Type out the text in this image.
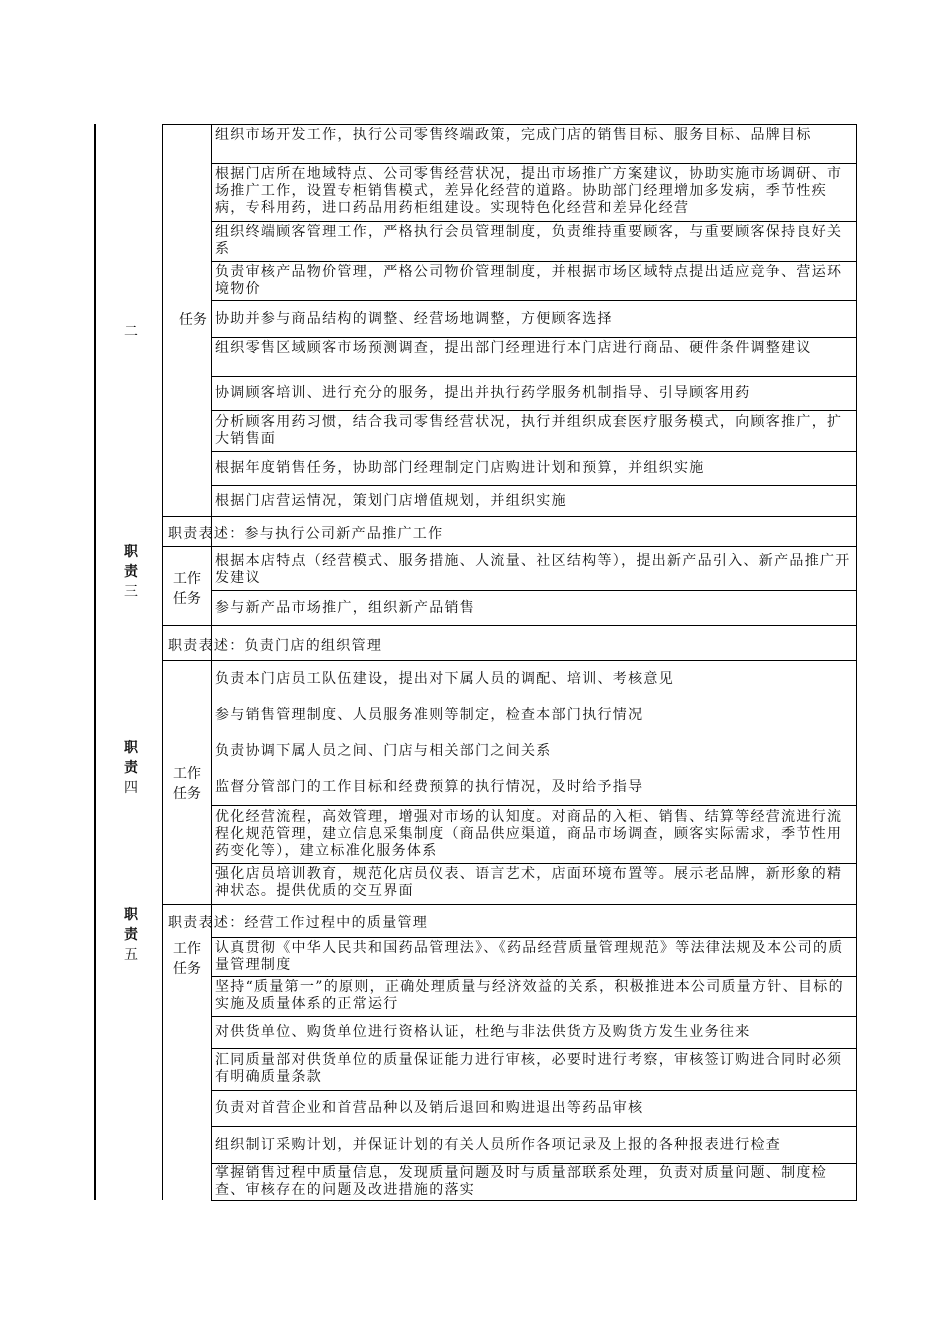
二
任务
组织市场开发工作，执行公司零售终端政策，完成门店的销售目标、服务目标、品牌目标
根据门店所在地域特点、公司零售经营状况，提出市场推广方案建议，协助实施市场调研、市场推广工作，设置专柜销售模式，差异化经营的道路。协助部门经理增加多发病，季节性疾病，专科用药，进口药品用药柜组建设。实现特色化经营和差异化经营
组织终端顾客管理工作，严格执行会员管理制度，负责维持重要顾客，与重要顾客保持良好关系
负责审核产品物价管理，严格公司物价管理制度，并根据市场区域特点提出适应竞争、营运环境物价
协助并参与商品结构的调整、经营场地调整，方便顾客选择
组织零售区域顾客市场预测调查，提出部门经理进行本门店进行商品、硬件条件调整建议
协调顾客培训、进行充分的服务，提出并执行药学服务机制指导、引导顾客用药
分析顾客用药习惯，结合我司零售经营状况，执行并组织成套医疗服务模式，向顾客推广，扩大销售面
根据年度销售任务，协助部门经理制定门店购进计划和预算，并组织实施
根据门店营运情况，策划门店增值规划，并组织实施
职
责
三
职责表述：参与执行公司新产品推广工作
工作
任务
根据本店特点（经营模式、服务措施、人流量、社区结构等），提出新产品引入、新产品推广开发建议
参与新产品市场推广，组织新产品销售
职责表述：负责门店的组织管理
职
责
四
工作
任务
负责本门店员工队伍建设，提出对下属人员的调配、培训、考核意见
参与销售管理制度、人员服务准则等制定，检查本部门执行情况
负责协调下属人员之间、门店与相关部门之间关系
监督分管部门的工作目标和经费预算的执行情况，及时给予指导
优化经营流程，高效管理，增强对市场的认知度。对商品的入柜、销售、结算等经营流进行流程化规范管理，建立信息采集制度（商品供应渠道，商品市场调查，顾客实际需求，季节性用药变化等），建立标准化服务体系
强化店员培训教育，规范化店员仪表、语言艺术，店面环境布置等。展示老品牌，新形象的精神状态。提供优质的交互界面
职
责
五
职责表述：经营工作过程中的质量管理
工作
任务
认真贯彻《中华人民共和国药品管理法》、《药品经营质量管理规范》等法律法规及本公司的质量管理制度
坚持“质量第一”的原则，正确处理质量与经济效益的关系，积极推进本公司质量方针、目标的实施及质量体系的正常运行
对供货单位、购货单位进行资格认证，杜绝与非法供货方及购货方发生业务往来
汇同质量部对供货单位的质量保证能力进行审核，必要时进行考察，审核签订购进合同时必须有明确质量条款
负责对首营企业和首营品种以及销后退回和购进退出等药品审核
组织制订采购计划，并保证计划的有关人员所作各项记录及上报的各种报表进行检查
掌握销售过程中质量信息，发现质量问题及时与质量部联系处理，负责对质量问题、制度检查、审核存在的问题及改进措施的落实
